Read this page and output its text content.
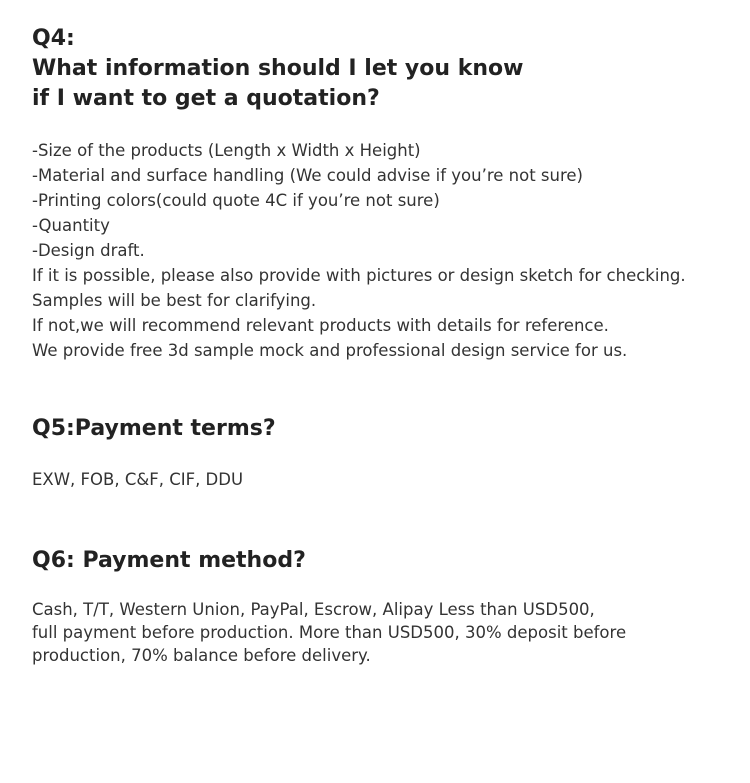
Q4:
What information should I let you know
if I want to get a quotation?
-Size of the products (Length x Width x Height)
-Material and surface handling (We could advise if you’re not sure)
-Printing colors(could quote 4C if you’re not sure)
-Quantity
-Design draft.
If it is possible, please also provide with pictures or design sketch for checking.
Samples will be best for clarifying.
If not,we will recommend relevant products with details for reference.
We provide free 3d sample mock and professional design service for us.
Q5:Payment terms?
EXW, FOB, C&F, CIF, DDU
Q6: Payment method?
Cash, T/T, Western Union, PayPal, Escrow, Alipay Less than USD500,
full payment before production. More than USD500, 30% deposit before
production, 70% balance before delivery.
